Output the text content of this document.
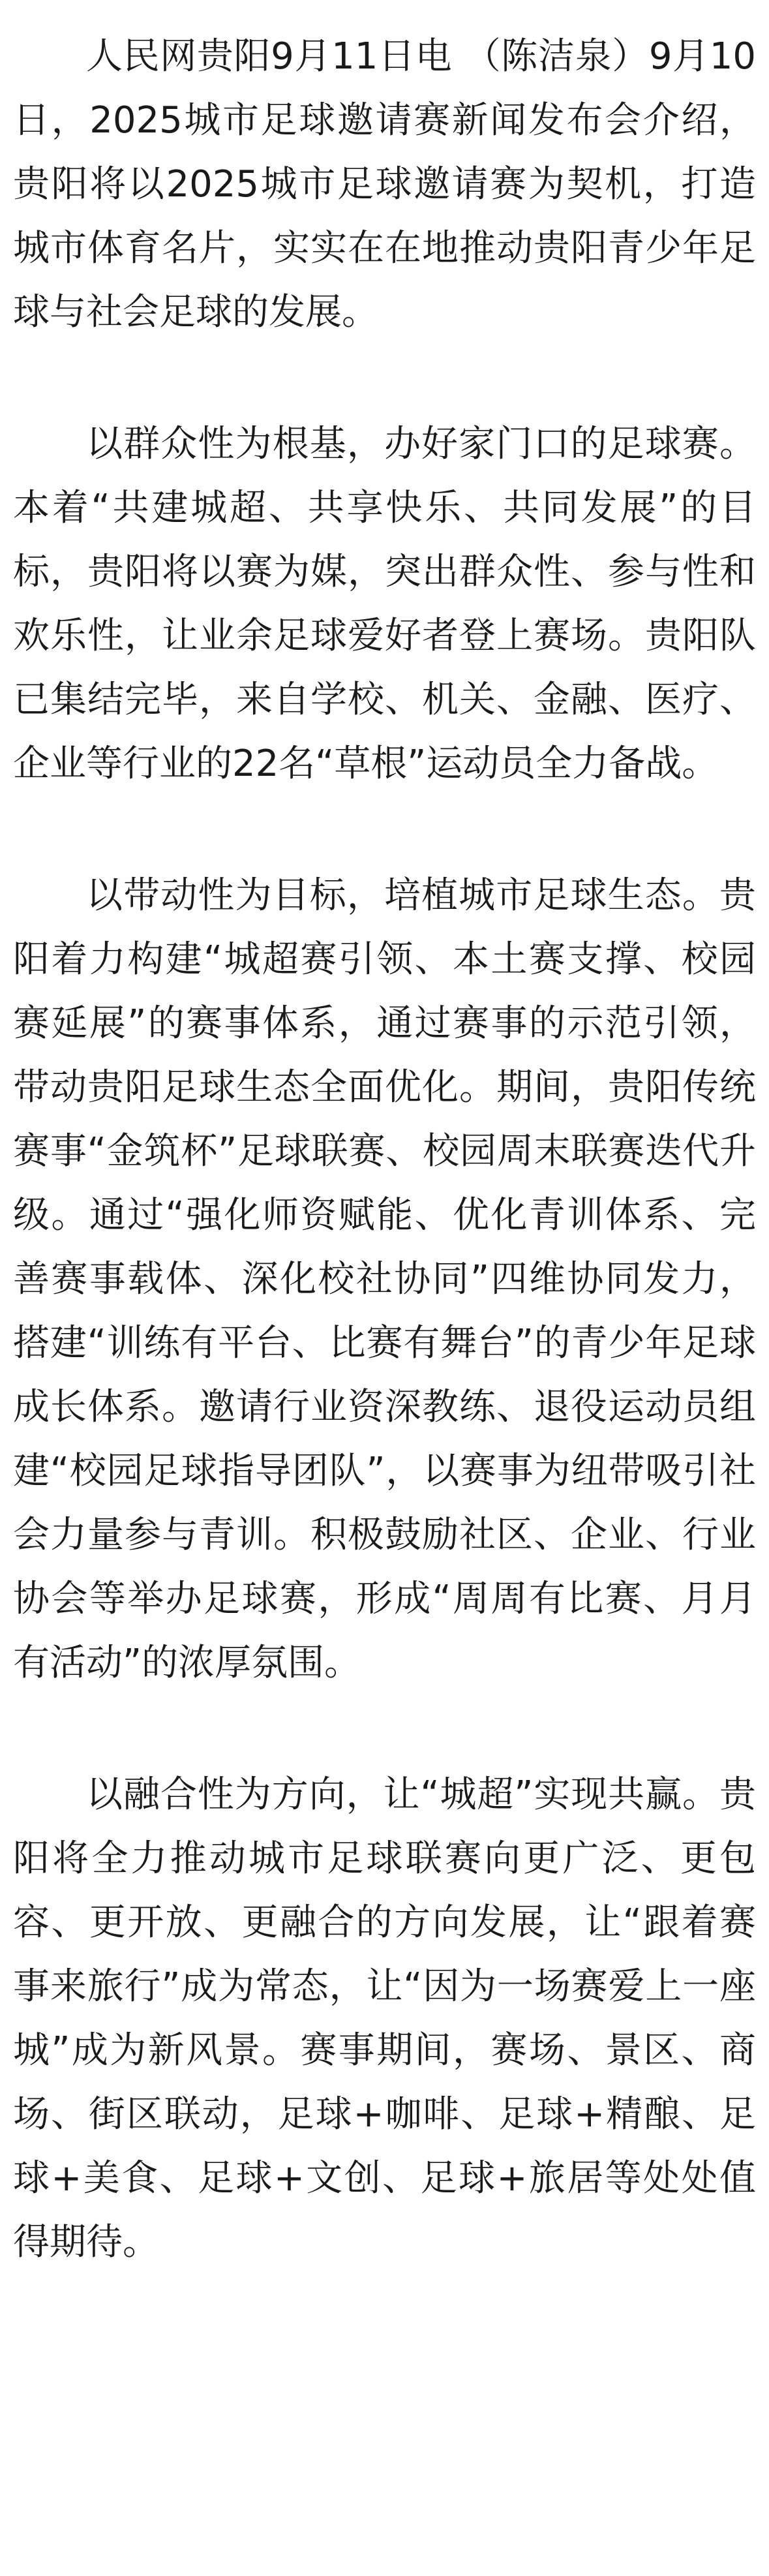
人民网贵阳9月11日电 （陈洁泉）9月10日，2025城市足球邀请赛新闻发布会介绍，贵阳将以2025城市足球邀请赛为契机，打造城市体育名片，实实在在地推动贵阳青少年足球与社会足球的发展。

以群众性为根基，办好家门口的足球赛。本着“共建城超、共享快乐、共同发展”的目标，贵阳将以赛为媒，突出群众性、参与性和欢乐性，让业余足球爱好者登上赛场。贵阳队已集结完毕，来自学校、机关、金融、医疗、企业等行业的22名“草根”运动员全力备战。

以带动性为目标，培植城市足球生态。贵阳着力构建“城超赛引领、本土赛支撑、校园赛延展”的赛事体系，通过赛事的示范引领，带动贵阳足球生态全面优化。期间，贵阳传统赛事“金筑杯”足球联赛、校园周末联赛迭代升级。通过“强化师资赋能、优化青训体系、完善赛事载体、深化校社协同”四维协同发力，搭建“训练有平台、比赛有舞台”的青少年足球成长体系。邀请行业资深教练、退役运动员组建“校园足球指导团队”，以赛事为纽带吸引社会力量参与青训。积极鼓励社区、企业、行业协会等举办足球赛，形成“周周有比赛、月月有活动”的浓厚氛围。

以融合性为方向，让“城超”实现共赢。贵阳将全力推动城市足球联赛向更广泛、更包容、更开放、更融合的方向发展，让“跟着赛事来旅行”成为常态，让“因为一场赛爱上一座城”成为新风景。赛事期间，赛场、景区、商场、街区联动，足球+咖啡、足球+精酿、足球+美食、足球+文创、足球+旅居等处处值得期待。
